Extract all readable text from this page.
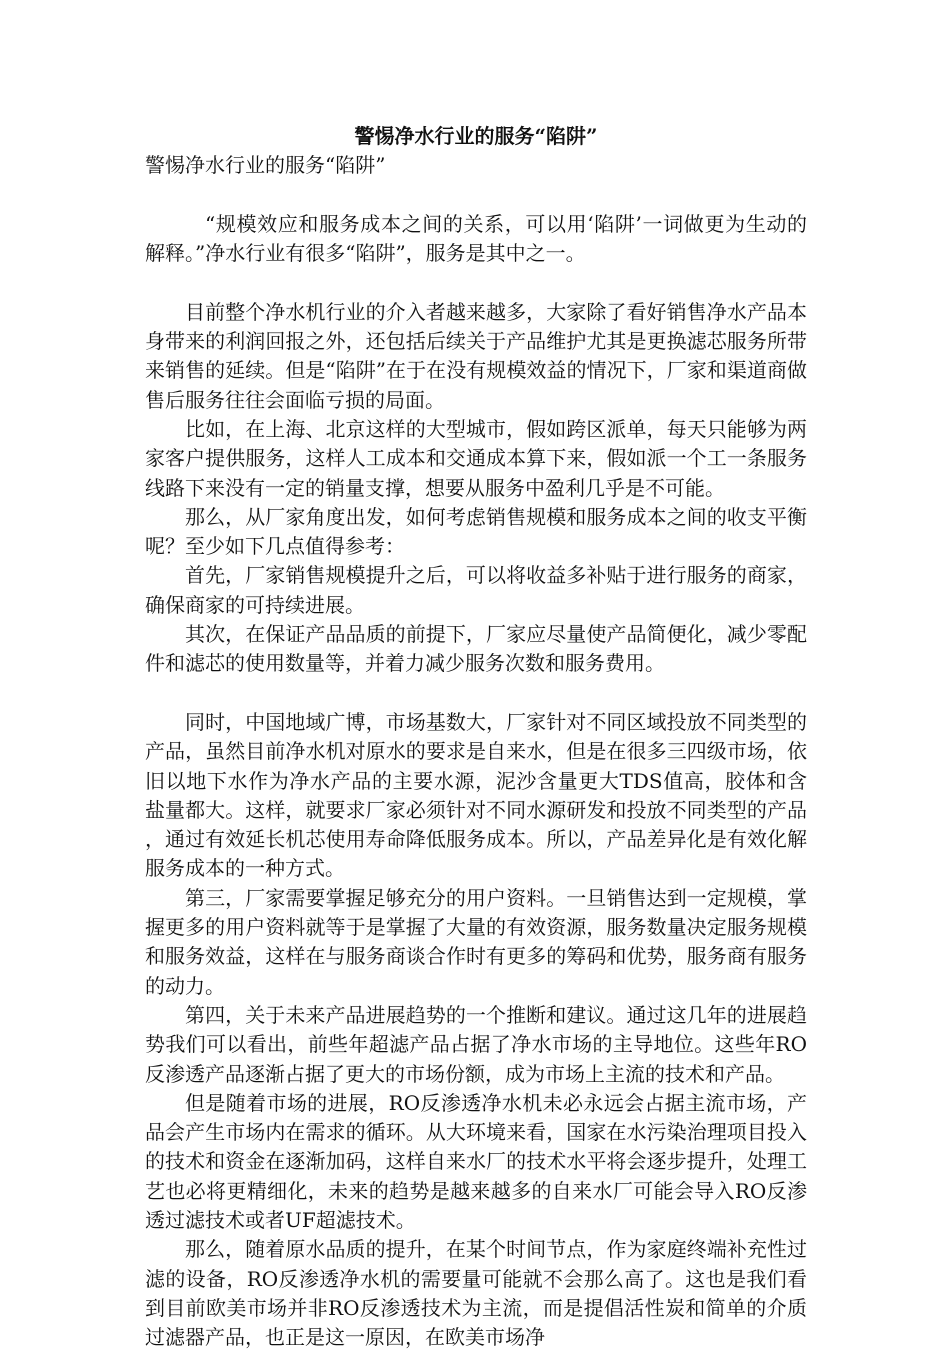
警惕净水行业的服务“陷阱”

警惕净水行业的服务“陷阱”

“规模效应和服务成本之间的关系，可以用‘陷阱’一词做更为生动的解释。”净水行业有很多“陷阱”，服务是其中之一。

目前整个净水机行业的介入者越来越多，大家除了看好销售净水产品本身带来的利润回报之外，还包括后续关于产品维护尤其是更换滤芯服务所带来销售的延续。但是“陷阱”在于在没有规模效益的情况下，厂家和渠道商做售后服务往往会面临亏损的局面。

比如，在上海、北京这样的大型城市，假如跨区派单，每天只能够为两家客户提供服务，这样人工成本和交通成本算下来，假如派一个工一条服务线路下来没有一定的销量支撑，想要从服务中盈利几乎是不可能。

那么，从厂家角度出发，如何考虑销售规模和服务成本之间的收支平衡呢？至少如下几点值得参考：

首先，厂家销售规模提升之后，可以将收益多补贴于进行服务的商家，确保商家的可持续进展。

其次，在保证产品品质的前提下，厂家应尽量使产品简便化，减少零配件和滤芯的使用数量等，并着力减少服务次数和服务费用。

同时，中国地域广博，市场基数大，厂家针对不同区域投放不同类型的产品，虽然目前净水机对原水的要求是自来水，但是在很多三四级市场，依旧以地下水作为净水产品的主要水源，泥沙含量更大TDS值高，胶体和含盐量都大。这样，就要求厂家必须针对不同水源研发和投放不同类型的产品，通过有效延长机芯使用寿命降低服务成本。所以，产品差异化是有效化解服务成本的一种方式。

第三，厂家需要掌握足够充分的用户资料。一旦销售达到一定规模，掌握更多的用户资料就等于是掌握了大量的有效资源，服务数量决定服务规模和服务效益，这样在与服务商谈合作时有更多的筹码和优势，服务商有服务的动力。

第四，关于未来产品进展趋势的一个推断和建议。通过这几年的进展趋势我们可以看出，前些年超滤产品占据了净水市场的主导地位。这些年RO反渗透产品逐渐占据了更大的市场份额，成为市场上主流的技术和产品。

但是随着市场的进展，RO反渗透净水机未必永远会占据主流市场，产品会产生市场内在需求的循环。从大环境来看，国家在水污染治理项目投入的技术和资金在逐渐加码，这样自来水厂的技术水平将会逐步提升，处理工艺也必将更精细化，未来的趋势是越来越多的自来水厂可能会导入RO反渗透过滤技术或者UF超滤技术。

那么，随着原水品质的提升，在某个时间节点，作为家庭终端补充性过滤的设备，RO反渗透净水机的需要量可能就不会那么高了。这也是我们看到目前欧美市场并非RO反渗透技术为主流，而是提倡活性炭和简单的介质过滤器产品，也正是这一原因，在欧美市场净
